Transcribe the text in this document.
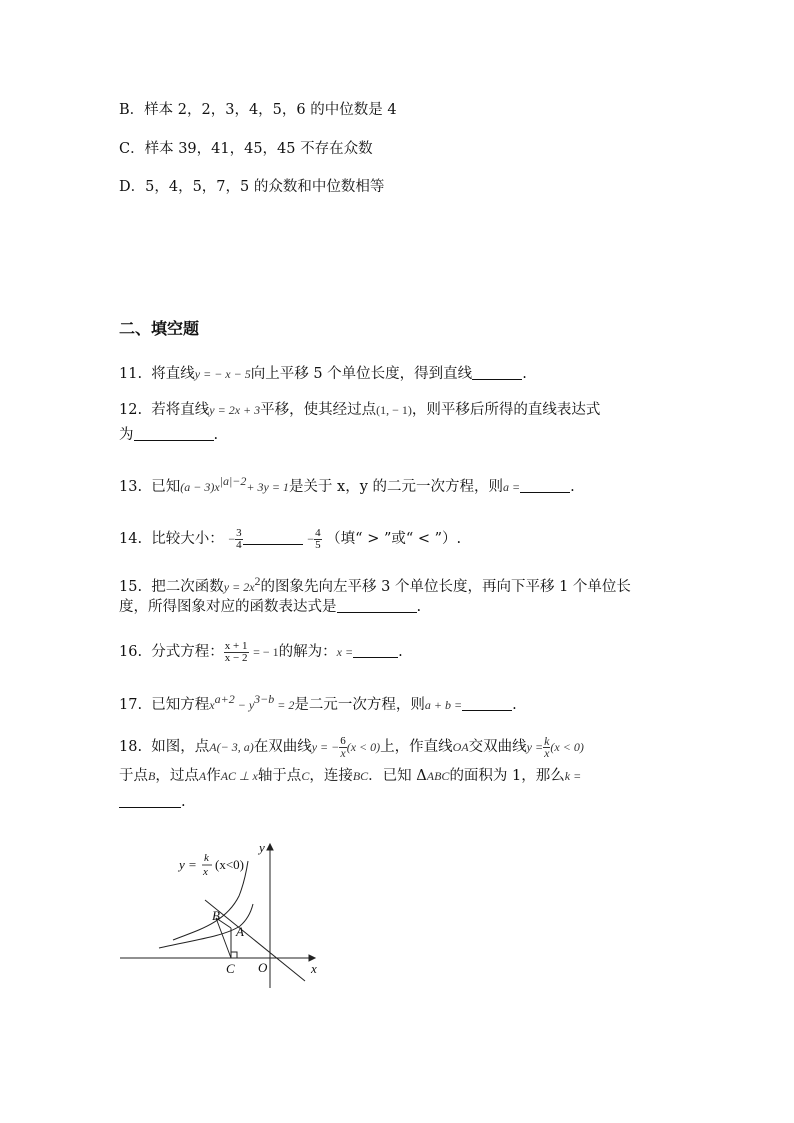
B．样本 2，2，3，4，5，6 的中位数是 4
C．样本 39，41，45，45 不存在众数
D．5，4，5，7，5 的众数和中位数相等
二、填空题
11. 将直线y = − x − 5向上平移 5 个单位长度，得到直线	.
12. 若将直线y = 2x + 3平移，使其经过点(1, − 1)，则平移后所得的直线表达式
为	.
13. 已知$(a - 3)x^{|a|-2}+ 3y = 1$是关于 x，y 的二元一次方程，则a =	.
14. 比较大小： − $\frac{3}{4}$	− $\frac{4}{5}$ （填“ > ”或“ < ”）.
15. 把二次函数$y = 2x^2$的图象先向左平移 3 个单位长度，再向下平移 1 个单位长
度，所得图象对应的函数表达式是	.
16. 分式方程： $\frac{x + 1}{x - 2}$ = − 1的解为：x =	.
17. 已知方程$x^{a+2} - y^{3-b} = 2$是二元一次方程，则a + b =	.
18. 如图，点A(− 3, a)在双曲线y = − $\frac{6}{x} (x < 0)$上，作直线OA交双曲线$y = \frac{k}{x} (x < 0)$
于点B，过点A作AC ⊥ x轴于点C，连接BC．已知 ΔABC的面积为 1，那么k =
.
y = k
x (x<0)
y
x
O
A
B
C
